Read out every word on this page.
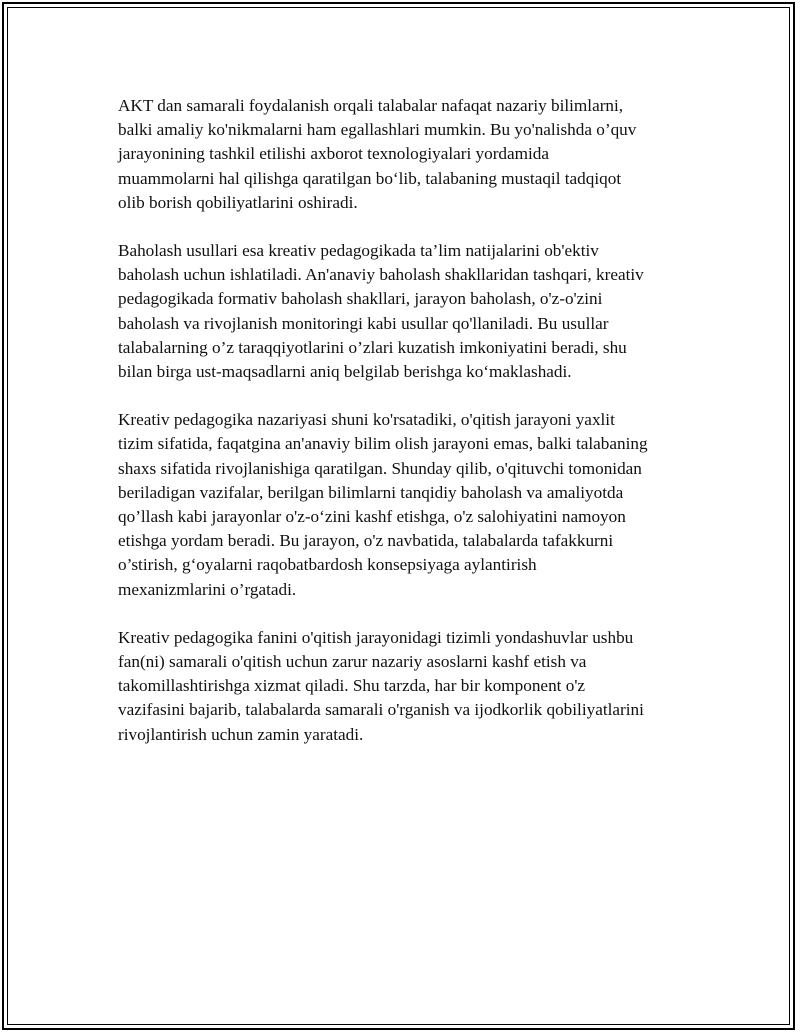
AKT dan samarali foydalanish orqali talabalar nafaqat nazariy bilimlarni,
balki amaliy ko'nikmalarni ham egallashlari mumkin. Bu yo'nalishda o’quv
jarayonining tashkil etilishi axborot texnologiyalari yordamida
muammolarni hal qilishga qaratilgan bo‘lib, talabaning mustaqil tadqiqot
olib borish qobiliyatlarini oshiradi.

Baholash usullari esa kreativ pedagogikada ta’lim natijalarini ob'ektiv
baholash uchun ishlatiladi. An'anaviy baholash shakllaridan tashqari, kreativ
pedagogikada formativ baholash shakllari, jarayon baholash, o'z-o'zini
baholash va rivojlanish monitoringi kabi usullar qo'llaniladi. Bu usullar
talabalarning o’z taraqqiyotlarini o’zlari kuzatish imkoniyatini beradi, shu
bilan birga ust-maqsadlarni aniq belgilab berishga ko‘maklashadi.

Kreativ pedagogika nazariyasi shuni ko'rsatadiki, o'qitish jarayoni yaxlit
tizim sifatida, faqatgina an'anaviy bilim olish jarayoni emas, balki talabaning
shaxs sifatida rivojlanishiga qaratilgan. Shunday qilib, o'qituvchi tomonidan
beriladigan vazifalar, berilgan bilimlarni tanqidiy baholash va amaliyotda
qo’llash kabi jarayonlar o'z-o‘zini kashf etishga, o'z salohiyatini namoyon
etishga yordam beradi. Bu jarayon, o'z navbatida, talabalarda tafakkurni
o’stirish, g‘oyalarni raqobatbardosh konsepsiyaga aylantirish
mexanizmlarini o’rgatadi.

Kreativ pedagogika fanini o'qitish jarayonidagi tizimli yondashuvlar ushbu
fan(ni) samarali o'qitish uchun zarur nazariy asoslarni kashf etish va
takomillashtirishga xizmat qiladi. Shu tarzda, har bir komponent o'z
vazifasini bajarib, talabalarda samarali o'rganish va ijodkorlik qobiliyatlarini
rivojlantirish uchun zamin yaratadi.
